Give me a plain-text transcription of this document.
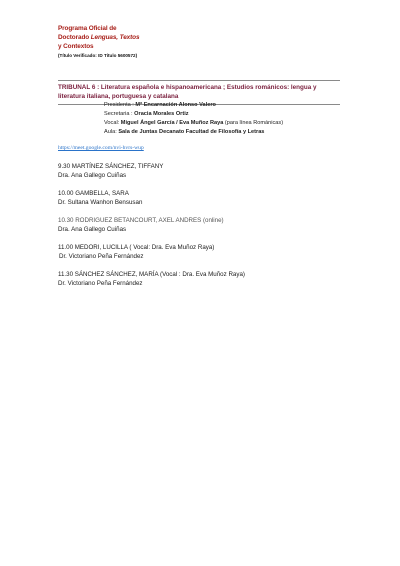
Programa Oficial de
Doctorado Lenguas, Textos
y Contextos
(Título Verificado: ID Título 5600572)
TRIBUNAL 6 : Literatura española e hispanoamericana ; Estudios románicos: lengua y literatura italiana, portuguesa y catalana
Presidenta : Mª Encarnación Alonso Valero
Secretaria : Oracia Morales Ortiz
Vocal: Miguel Ángel García / Eva Muñoz Raya (para línea Románicas)
Aula: Sala de Juntas Decanato Facultad de Filosofía y Letras
https://meet.google.com/nvi-hvrs-wup
9.30 MARTÍNEZ SÁNCHEZ, TIFFANY
Dra. Ana Gallego Cuiñas
10.00 GAMBELLA, SARA
Dr. Sultana Wanhon Bensusan
10.30 RODRIGUEZ BETANCOURT, AXEL ANDRES (online)
Dra. Ana Gallego Cuiñas
11.00 MEDORI, LUCILLA ( Vocal: Dra. Eva Muñoz Raya)
Dr. Victoriano Peña Fernández
11.30 SÁNCHEZ SÁNCHEZ, MARÍA (Vocal : Dra. Eva Muñoz Raya)
Dr. Victoriano Peña Fernández
